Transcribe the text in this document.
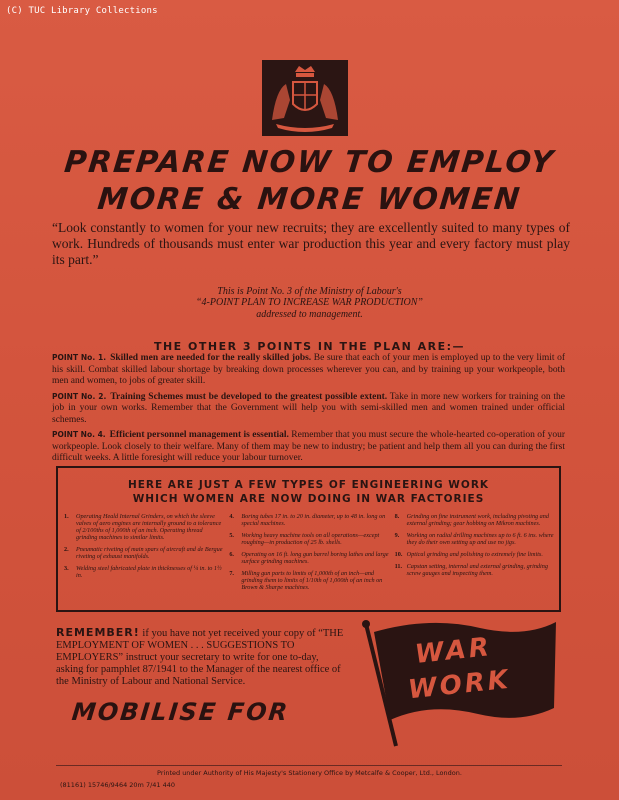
(C) TUC Library Collections
PREPARE NOW TO EMPLOY
MORE & MORE WOMEN
“Look constantly to women for your new recruits; they are excellently suited to many types of work. Hundreds of thousands must enter war production this year and every factory must play its part.”
This is Point No. 3 of the Ministry of Labour's
“4-POINT PLAN TO INCREASE WAR PRODUCTION”
addressed to management.
THE OTHER 3 POINTS IN THE PLAN ARE:—

POINT No. 1. Skilled men are needed for the really skilled jobs. Be sure that each of your men is employed up to the very limit of his skill. Combat skilled labour shortage by breaking down processes wherever you can, and by training up your workpeople, both men and women, to jobs of greater skill.

POINT No. 2. Training Schemes must be developed to the greatest possible extent. Take in more new workers for training on the job in your own works. Remember that the Government will help you with semi-skilled men and women trained under official schemes.

POINT No. 4. Efficient personnel management is essential. Remember that you must secure the whole-hearted co-operation of your workpeople. Look closely to their welfare. Many of them may be new to industry; be patient and help them all you can during the first difficult weeks. A little foresight will reduce your labour turnover.

HERE ARE JUST A FEW TYPES OF ENGINEERING WORK
WHICH WOMEN ARE NOW DOING IN WAR FACTORIES
1.	Operating Heald Internal Grinders, on which the sleeve valves of aero engines are internally ground to a tolerance of 2/100ths of 1,000th of an inch. Operating thread grinding machines to similar limits.
2.	Pneumatic riveting of main spars of aircraft and de Bergue riveting of exhaust manifolds.
3.	Welding steel fabricated plate in thicknesses of ¼ in. to 1½ in.
4.	Boring tubes 17 in. to 20 in. diameter, up to 48 in. long on special machines.
5.	Working heavy machine tools on all operations—except roughing—in production of 25 lb. shells.
6.	Operating on 16 ft. long gun barrel boring lathes and large surface grinding machines.
7.	Milling gun parts to limits of 1,000th of an inch—and grinding them to limits of 1/10th of 1,000th of an inch on Brown & Sharpe machines.
8.	Grinding on fine instrument work, including pivoting and external grinding; gear hobbing on Mikron machines.
9.	Working on radial drilling machines up to 6 ft. 6 ins. where they do their own setting up and use no jigs.
10. Optical grinding and polishing to extremely fine limits.
11. Capstan setting, internal and external grinding, grinding screw gauges and inspecting them.
REMEMBER! if you have not yet received your copy of “THE EMPLOYMENT OF WOMEN . . . SUGGESTIONS TO EMPLOYERS” instruct your secretary to write for one to-day, asking for pamphlet 87/1941 to the Manager of the nearest office of the Ministry of Labour and National Service.
WAR
WORK
MOBILISE FOR
Printed under Authority of His Majesty's Stationery Office by Metcalfe & Cooper, Ltd., London.
(81161) 15746/9464 20m 7/41 440
